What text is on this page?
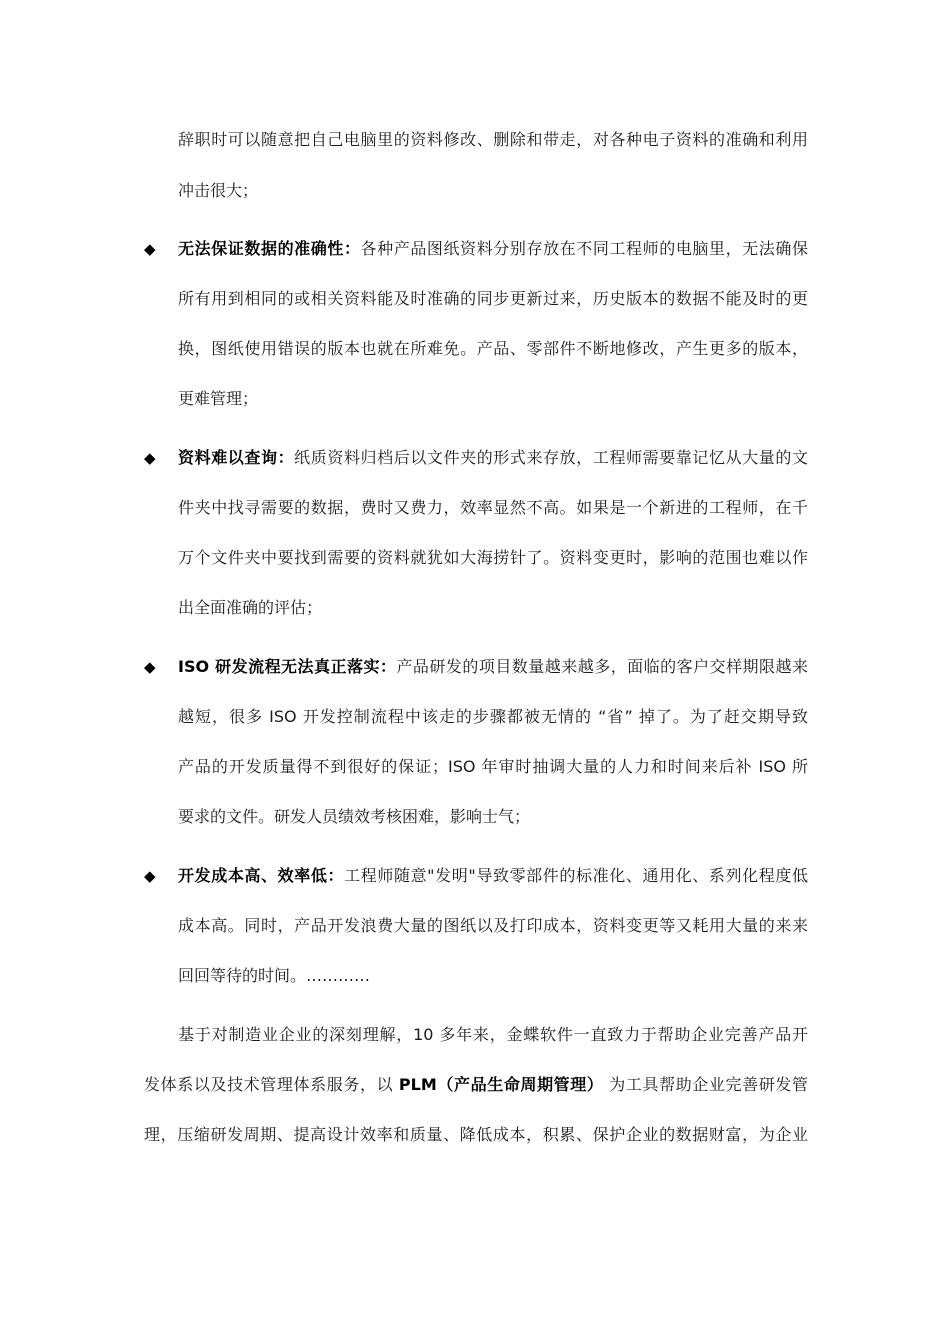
辞职时可以随意把自己电脑里的资料修改、删除和带走，对各种电子资料的准确和利用
冲击很大；
◆ 无法保证数据的准确性：各种产品图纸资料分别存放在不同工程师的电脑里，无法确保
所有用到相同的或相关资料能及时准确的同步更新过来，历史版本的数据不能及时的更
换，图纸使用错误的版本也就在所难免。产品、零部件不断地修改，产生更多的版本，
更难管理；
◆ 资料难以查询：纸质资料归档后以文件夹的形式来存放，工程师需要靠记忆从大量的文
件夹中找寻需要的数据，费时又费力，效率显然不高。如果是一个新进的工程师，在千
万个文件夹中要找到需要的资料就犹如大海捞针了。资料变更时，影响的范围也难以作
出全面准确的评估；
◆ ISO 研发流程无法真正落实：产品研发的项目数量越来越多，面临的客户交样期限越来
越短，很多 ISO 开发控制流程中该走的步骤都被无情的 “省” 掉了。为了赶交期导致
产品的开发质量得不到很好的保证；ISO 年审时抽调大量的人力和时间来后补 ISO 所
要求的文件。研发人员绩效考核困难，影响士气；
◆ 开发成本高、效率低：工程师随意"发明"导致零部件的标准化、通用化、系列化程度低
成本高。同时，产品开发浪费大量的图纸以及打印成本，资料变更等又耗用大量的来来
回回等待的时间。…………
基于对制造业企业的深刻理解，10 多年来，金蝶软件一直致力于帮助企业完善产品开
发体系以及技术管理体系服务，以 PLM（产品生命周期管理） 为工具帮助企业完善研发管
理，压缩研发周期、提高设计效率和质量、降低成本，积累、保护企业的数据财富，为企业
